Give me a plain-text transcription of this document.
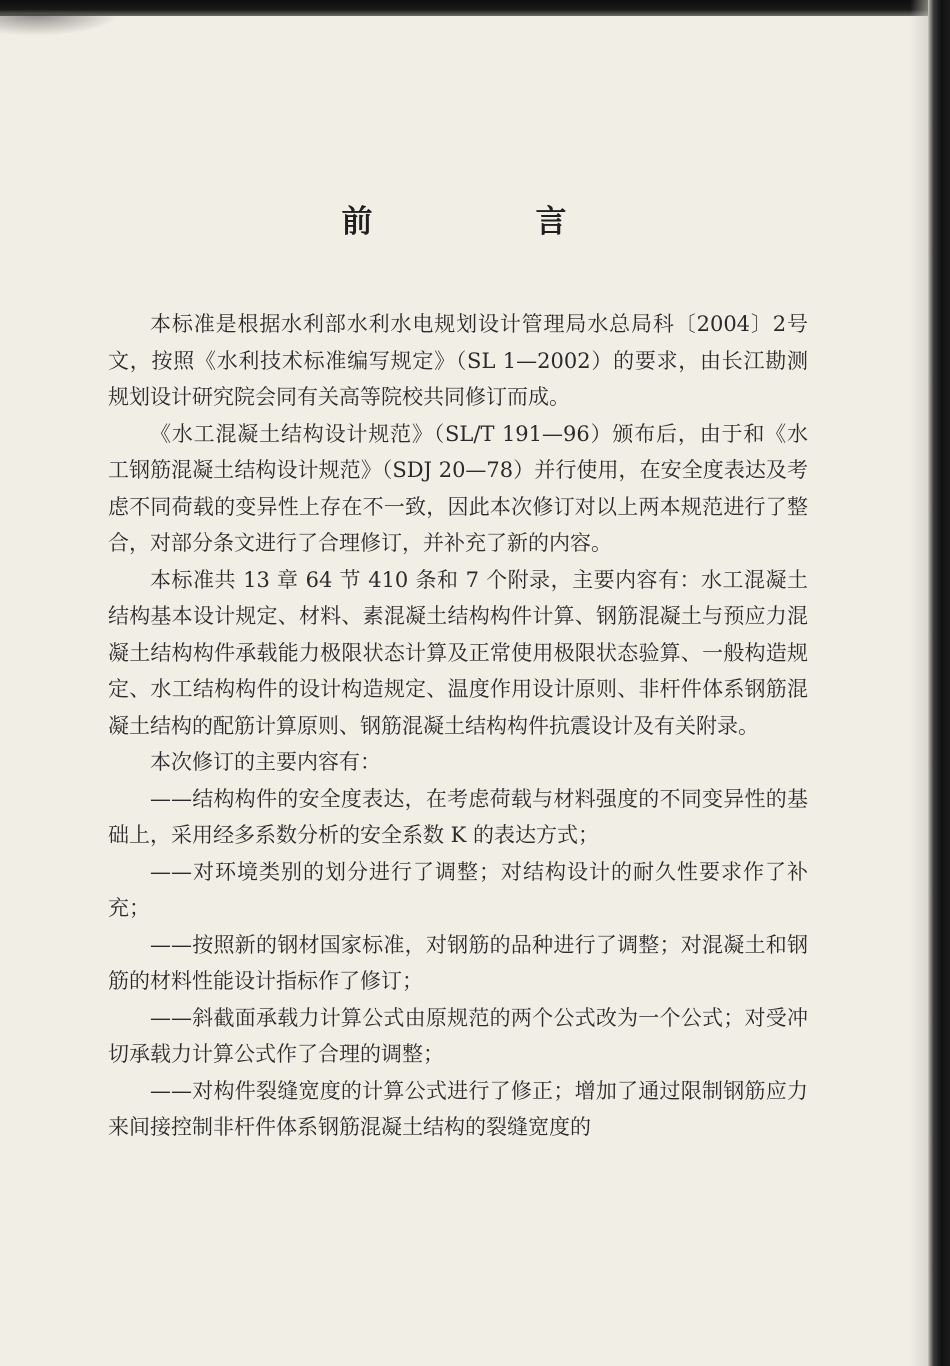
前　言

本标准是根据水利部水利水电规划设计管理局水总局科〔2004〕2号文，按照《水利技术标准编写规定》（SL 1—2002）的要求，由长江勘测规划设计研究院会同有关高等院校共同修订而成。

《水工混凝土结构设计规范》（SL/T 191—96）颁布后，由于和《水工钢筋混凝土结构设计规范》（SDJ 20—78）并行使用，在安全度表达及考虑不同荷载的变异性上存在不一致，因此本次修订对以上两本规范进行了整合，对部分条文进行了合理修订，并补充了新的内容。

本标准共 13 章 64 节 410 条和 7 个附录，主要内容有：水工混凝土结构基本设计规定、材料、素混凝土结构构件计算、钢筋混凝土与预应力混凝土结构构件承载能力极限状态计算及正常使用极限状态验算、一般构造规定、水工结构构件的设计构造规定、温度作用设计原则、非杆件体系钢筋混凝土结构的配筋计算原则、钢筋混凝土结构构件抗震设计及有关附录。

本次修订的主要内容有：

——结构构件的安全度表达，在考虑荷载与材料强度的不同变异性的基础上，采用经多系数分析的安全系数 K 的表达方式；

——对环境类别的划分进行了调整；对结构设计的耐久性要求作了补充；

——按照新的钢材国家标准，对钢筋的品种进行了调整；对混凝土和钢筋的材料性能设计指标作了修订；

——斜截面承载力计算公式由原规范的两个公式改为一个公式；对受冲切承载力计算公式作了合理的调整；

——对构件裂缝宽度的计算公式进行了修正；增加了通过限制钢筋应力来间接控制非杆件体系钢筋混凝土结构的裂缝宽度的
